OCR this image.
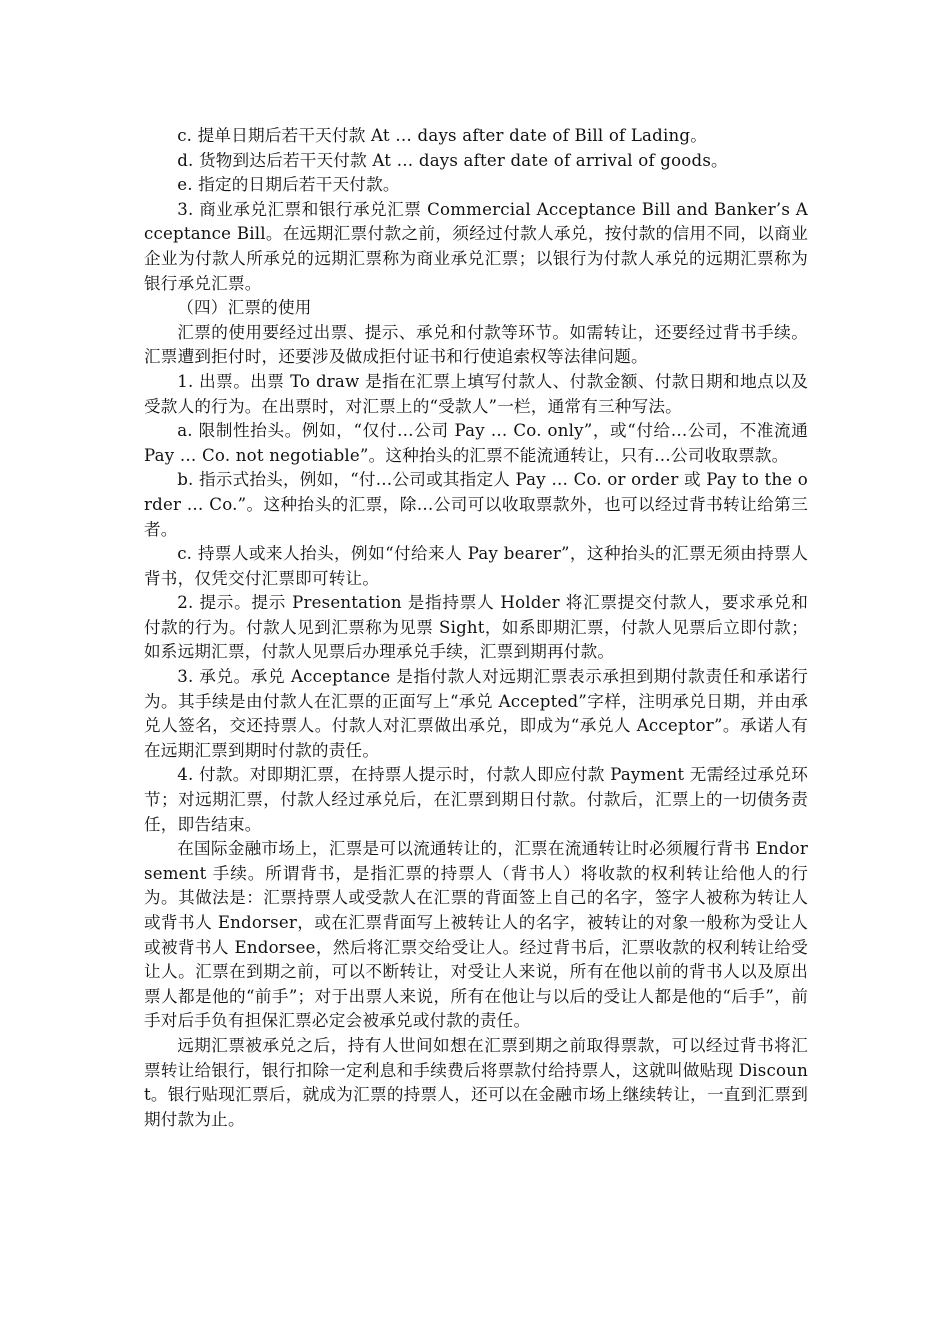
c. 提单日期后若干天付款 At … days after date of Bill of Lading。

d. 货物到达后若干天付款 At … days after date of arrival of goods。

e. 指定的日期后若干天付款。

3. 商业承兑汇票和银行承兑汇票 Commercial Acceptance Bill and Banker’s Acceptance Bill。在远期汇票付款之前，须经过付款人承兑，按付款的信用不同，以商业企业为付款人所承兑的远期汇票称为商业承兑汇票；以银行为付款人承兑的远期汇票称为银行承兑汇票。

（四）汇票的使用

汇票的使用要经过出票、提示、承兑和付款等环节。如需转让，还要经过背书手续。汇票遭到拒付时，还要涉及做成拒付证书和行使追索权等法律问题。

1. 出票。出票 To draw 是指在汇票上填写付款人、付款金额、付款日期和地点以及受款人的行为。在出票时，对汇票上的“受款人”一栏，通常有三种写法。

a. 限制性抬头。例如，“仅付…公司 Pay … Co. only”，或“付给…公司，不准流通 Pay … Co. not negotiable”。这种抬头的汇票不能流通转让，只有…公司收取票款。

b. 指示式抬头，例如，“付…公司或其指定人 Pay … Co. or order 或 Pay to the order … Co.”。这种抬头的汇票，除…公司可以收取票款外，也可以经过背书转让给第三者。

c. 持票人或来人抬头，例如“付给来人 Pay bearer”，这种抬头的汇票无须由持票人背书，仅凭交付汇票即可转让。

2. 提示。提示 Presentation 是指持票人 Holder 将汇票提交付款人，要求承兑和付款的行为。付款人见到汇票称为见票 Sight，如系即期汇票，付款人见票后立即付款；如系远期汇票，付款人见票后办理承兑手续，汇票到期再付款。

3. 承兑。承兑 Acceptance 是指付款人对远期汇票表示承担到期付款责任和承诺行为。其手续是由付款人在汇票的正面写上“承兑 Accepted”字样，注明承兑日期，并由承兑人签名，交还持票人。付款人对汇票做出承兑，即成为“承兑人 Acceptor”。承诺人有在远期汇票到期时付款的责任。

4. 付款。对即期汇票，在持票人提示时，付款人即应付款 Payment 无需经过承兑环节；对远期汇票，付款人经过承兑后，在汇票到期日付款。付款后，汇票上的一切债务责任，即告结束。

在国际金融市场上，汇票是可以流通转让的，汇票在流通转让时必须履行背书 Endorsement 手续。所谓背书，是指汇票的持票人（背书人）将收款的权利转让给他人的行为。其做法是：汇票持票人或受款人在汇票的背面签上自己的名字，签字人被称为转让人或背书人 Endorser，或在汇票背面写上被转让人的名字，被转让的对象一般称为受让人或被背书人 Endorsee，然后将汇票交给受让人。经过背书后，汇票收款的权利转让给受让人。汇票在到期之前，可以不断转让，对受让人来说，所有在他以前的背书人以及原出票人都是他的“前手”；对于出票人来说，所有在他让与以后的受让人都是他的“后手”，前手对后手负有担保汇票必定会被承兑或付款的责任。

远期汇票被承兑之后，持有人世间如想在汇票到期之前取得票款，可以经过背书将汇票转让给银行，银行扣除一定利息和手续费后将票款付给持票人，这就叫做贴现 Discount。银行贴现汇票后，就成为汇票的持票人，还可以在金融市场上继续转让，一直到汇票到期付款为止。
